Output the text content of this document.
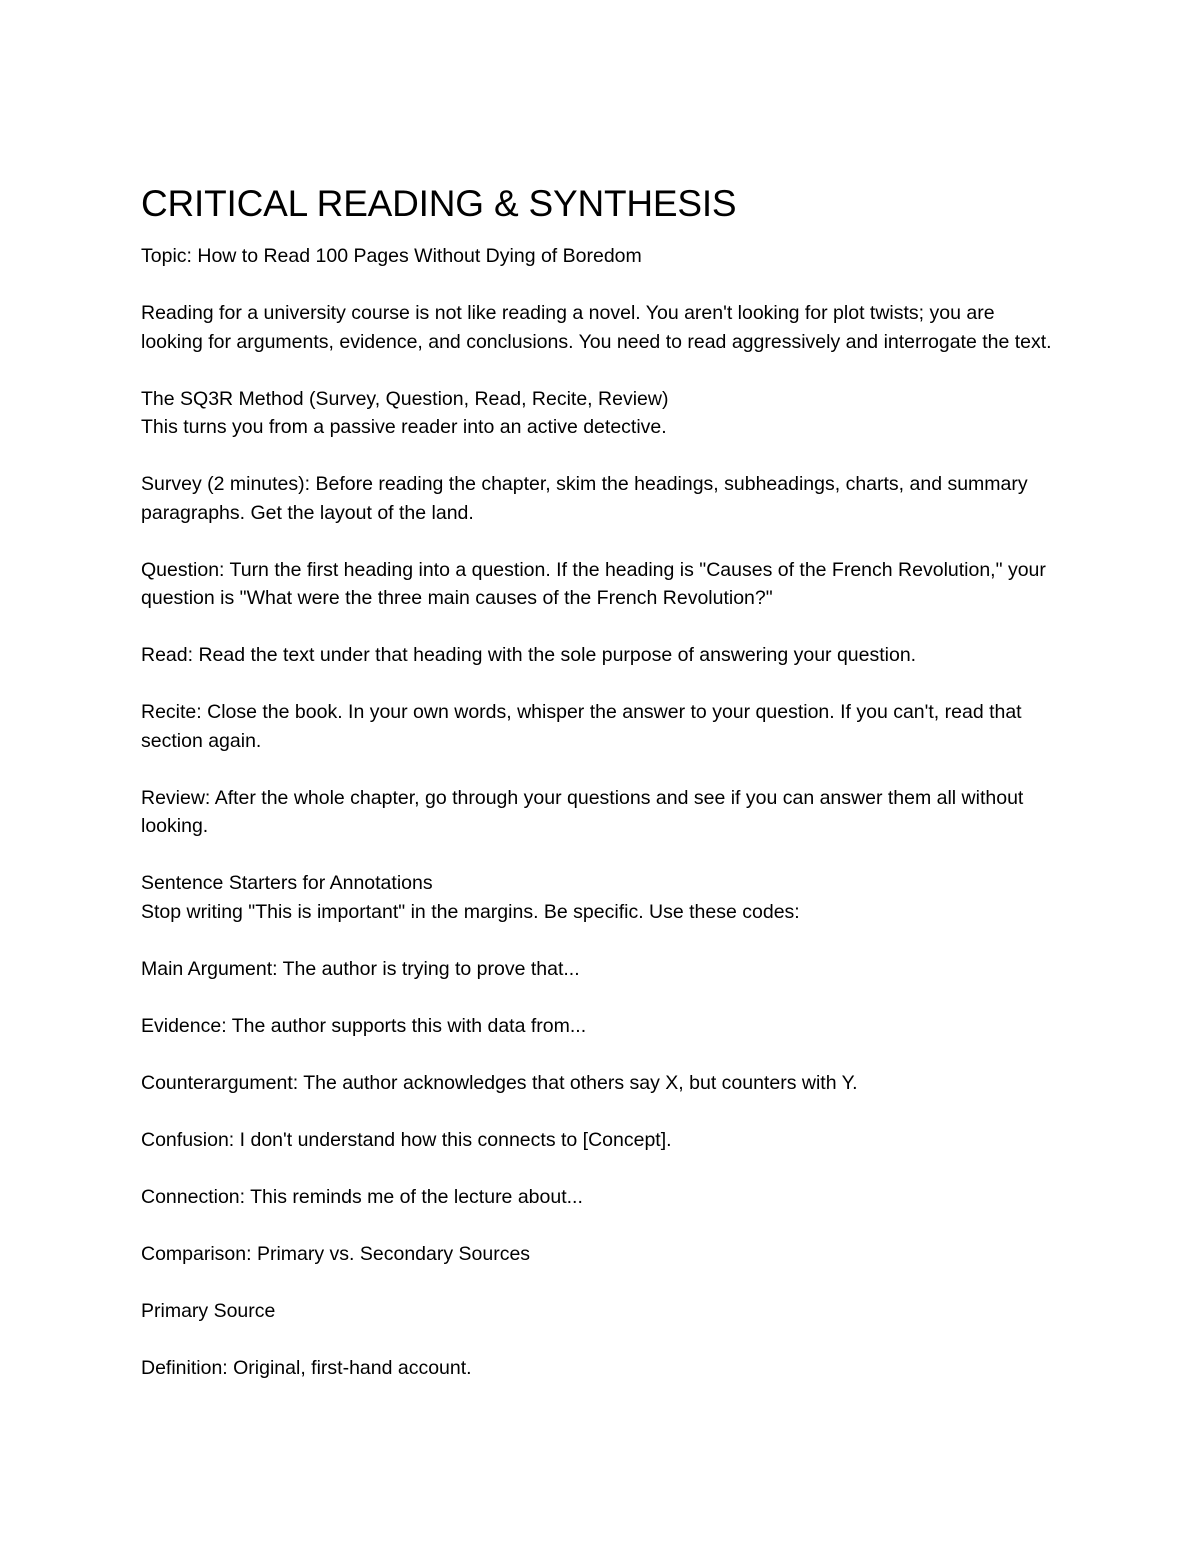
CRITICAL READING & SYNTHESIS

Topic: How to Read 100 Pages Without Dying of Boredom

Reading for a university course is not like reading a novel. You aren't looking for plot twists; you are looking for arguments, evidence, and conclusions. You need to read aggressively and interrogate the text.

The SQ3R Method (Survey, Question, Read, Recite, Review)

This turns you from a passive reader into an active detective.

Survey (2 minutes): Before reading the chapter, skim the headings, subheadings, charts, and summary paragraphs. Get the layout of the land.

Question: Turn the first heading into a question. If the heading is "Causes of the French Revolution," your question is "What were the three main causes of the French Revolution?"

Read: Read the text under that heading with the sole purpose of answering your question.

Recite: Close the book. In your own words, whisper the answer to your question. If you can't, read that section again.

Review: After the whole chapter, go through your questions and see if you can answer them all without looking.

Sentence Starters for Annotations

Stop writing "This is important" in the margins. Be specific. Use these codes:

Main Argument: The author is trying to prove that...

Evidence: The author supports this with data from...

Counterargument: The author acknowledges that others say X, but counters with Y.

Confusion: I don't understand how this connects to [Concept].

Connection: This reminds me of the lecture about...

Comparison: Primary vs. Secondary Sources

Primary Source

Definition: Original, first-hand account.
